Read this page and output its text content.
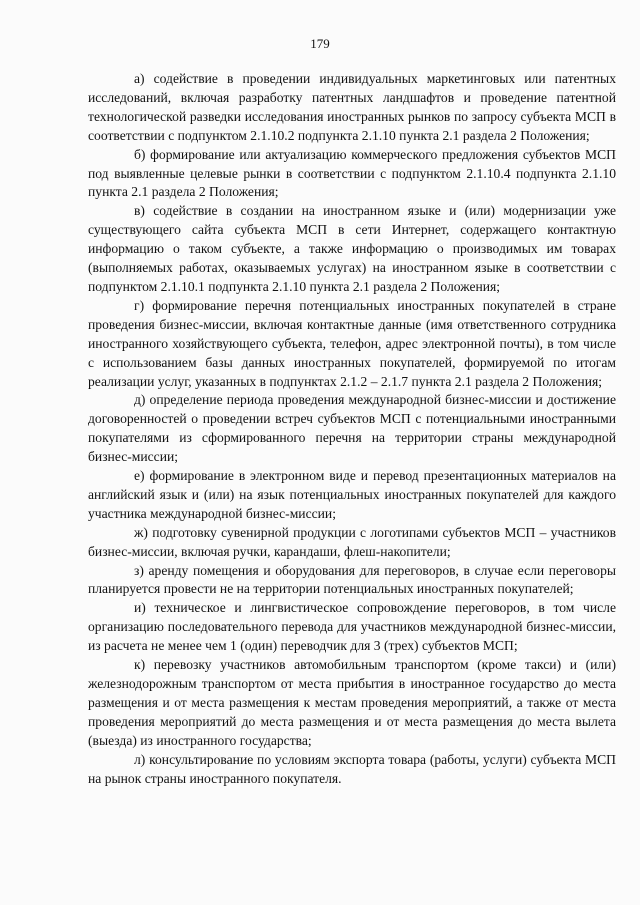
179

а) содействие в проведении индивидуальных маркетинговых или патентных исследований, включая разработку патентных ландшафтов и проведение патентной технологической разведки исследования иностранных рынков по запросу субъекта МСП в соответствии с подпунктом 2.1.10.2 подпункта 2.1.10 пункта 2.1 раздела 2 Положения;

б) формирование или актуализацию коммерческого предложения субъектов МСП под выявленные целевые рынки в соответствии с подпунктом 2.1.10.4 подпункта 2.1.10 пункта 2.1 раздела 2 Положения;

в) содействие в создании на иностранном языке и (или) модернизации уже существующего сайта субъекта МСП в сети Интернет, содержащего контактную информацию о таком субъекте, а также информацию о производимых им товарах (выполняемых работах, оказываемых услугах) на иностранном языке в соответствии с подпунктом 2.1.10.1 подпункта 2.1.10 пункта 2.1 раздела 2 Положения;

г) формирование перечня потенциальных иностранных покупателей в стране проведения бизнес-миссии, включая контактные данные (имя ответственного сотрудника иностранного хозяйствующего субъекта, телефон, адрес электронной почты), в том числе с использованием базы данных иностранных покупателей, формируемой по итогам реализации услуг, указанных в подпунктах 2.1.2 – 2.1.7 пункта 2.1 раздела 2 Положения;

д) определение периода проведения международной бизнес-миссии и достижение договоренностей о проведении встреч субъектов МСП с потенциальными иностранными покупателями из сформированного перечня на территории страны международной бизнес-миссии;

е) формирование в электронном виде и перевод презентационных материалов на английский язык и (или) на язык потенциальных иностранных покупателей для каждого участника международной бизнес-миссии;

ж) подготовку сувенирной продукции с логотипами субъектов МСП – участников бизнес-миссии, включая ручки, карандаши, флеш-накопители;

з) аренду помещения и оборудования для переговоров, в случае если переговоры планируется провести не на территории потенциальных иностранных покупателей;

и) техническое и лингвистическое сопровождение переговоров, в том числе организацию последовательного перевода для участников международной бизнес-миссии, из расчета не менее чем 1 (один) переводчик для 3 (трех) субъектов МСП;

к) перевозку участников автомобильным транспортом (кроме такси) и (или) железнодорожным транспортом от места прибытия в иностранное государство до места размещения и от места размещения к местам проведения мероприятий, а также от места проведения мероприятий до места размещения и от места размещения до места вылета (выезда) из иностранного государства;

л) консультирование по условиям экспорта товара (работы, услуги) субъекта МСП на рынок страны иностранного покупателя.
